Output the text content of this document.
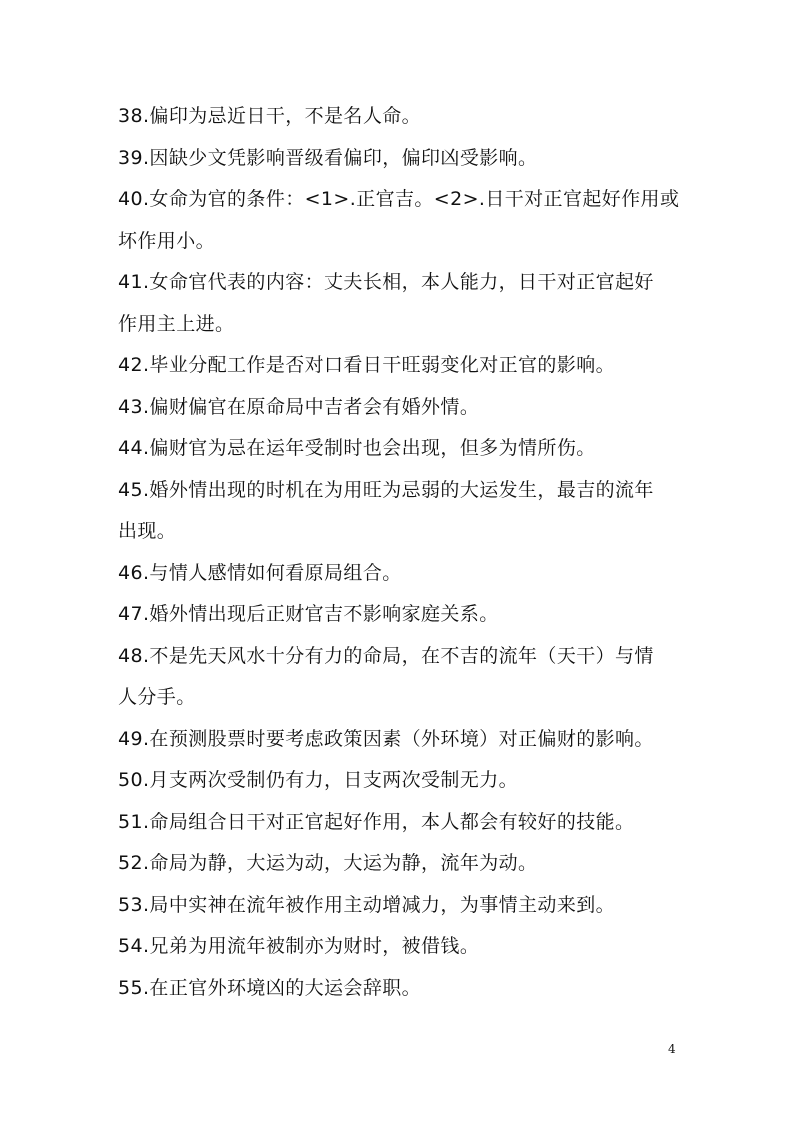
38.偏印为忌近日干，不是名人命。
39.因缺少文凭影响晋级看偏印，偏印凶受影响。
40.女命为官的条件：<1>.正官吉。<2>.日干对正官起好作用或
坏作用小。
41.女命官代表的内容：丈夫长相，本人能力，日干对正官起好
作用主上进。
42.毕业分配工作是否对口看日干旺弱变化对正官的影响。
43.偏财偏官在原命局中吉者会有婚外情。
44.偏财官为忌在运年受制时也会出现，但多为情所伤。
45.婚外情出现的时机在为用旺为忌弱的大运发生，最吉的流年
出现。
46.与情人感情如何看原局组合。
47.婚外情出现后正财官吉不影响家庭关系。
48.不是先天风水十分有力的命局，在不吉的流年（天干）与情
人分手。
49.在预测股票时要考虑政策因素（外环境）对正偏财的影响。
50.月支两次受制仍有力，日支两次受制无力。
51.命局组合日干对正官起好作用，本人都会有较好的技能。
52.命局为静，大运为动，大运为静，流年为动。
53.局中实神在流年被作用主动增减力，为事情主动来到。
54.兄弟为用流年被制亦为财时，被借钱。
55.在正官外环境凶的大运会辞职。
4
